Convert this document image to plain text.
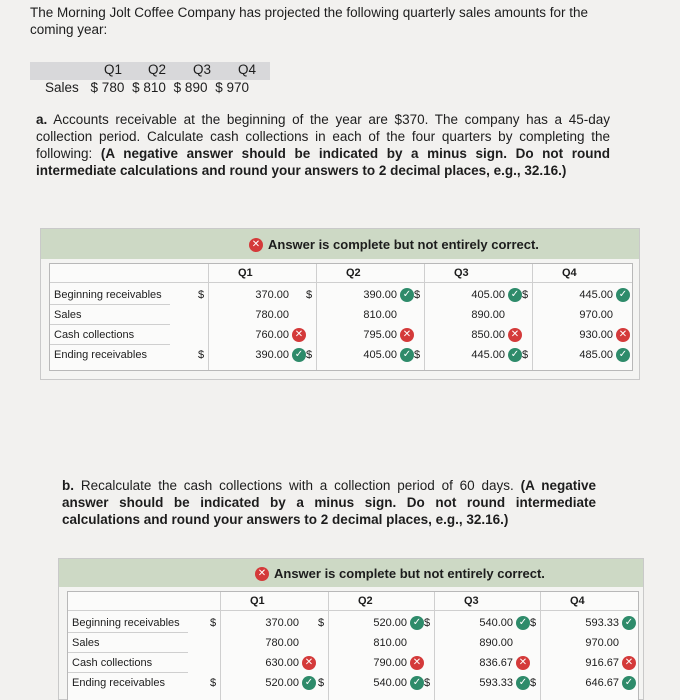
The Morning Jolt Coffee Company has projected the following quarterly sales amounts for the coming year:
Q1 Q2 Q3 Q4
Sales $ 780 $ 810 $ 890 $ 970
a. Accounts receivable at the beginning of the year are $370. The company has a 45-day collection period. Calculate cash collections in each of the four quarters by completing the following: (A negative answer should be indicated by a minus sign. Do not round intermediate calculations and round your answers to 2 decimal places, e.g., 32.16.)
✕ Answer is complete but not entirely correct.
Q1	Q2	Q3	Q4
Beginning receivables	$	370.00 $	390.00 ✓ $	405.00 ✓ $	445.00 ✓
Sales	780.00	810.00	890.00	970.00
Cash collections	760.00 ✕	795.00 ✕	850.00 ✕	930.00 ✕
Ending receivables	$	390.00 ✓ $	405.00 ✓ $	445.00 ✓ $	485.00 ✓
b. Recalculate the cash collections with a collection period of 60 days. (A negative answer should be indicated by a minus sign. Do not round intermediate calculations and round your answers to 2 decimal places, e.g., 32.16.)
✕ Answer is complete but not entirely correct.
Q1	Q2	Q3	Q4
Beginning receivables	$	370.00 $	520.00 ✓ $	540.00 ✓ $	593.33 ✓
Sales	780.00	810.00	890.00	970.00
Cash collections	630.00 ✕	790.00 ✕	836.67 ✕	916.67 ✕
Ending receivables	$	520.00 ✓ $	540.00 ✓ $	593.33 ✓ $	646.67 ✓
